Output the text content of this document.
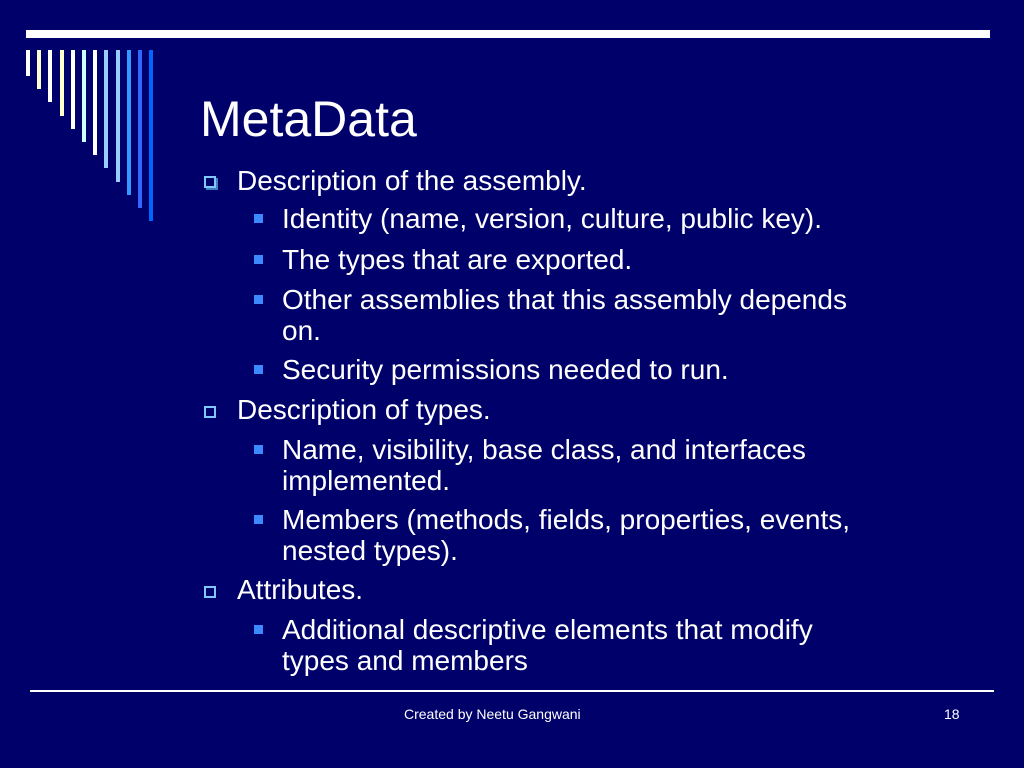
MetaData
Description of the assembly.
Identity (name, version, culture, public key).
The types that are exported.
Other assemblies that this assembly depends
on.
Security permissions needed to run.
Description of types.
Name, visibility, base class, and interfaces
implemented.
Members (methods, fields, properties, events,
nested types).
Attributes.
Additional descriptive elements that modify
types and members
Created by Neetu Gangwani	18
